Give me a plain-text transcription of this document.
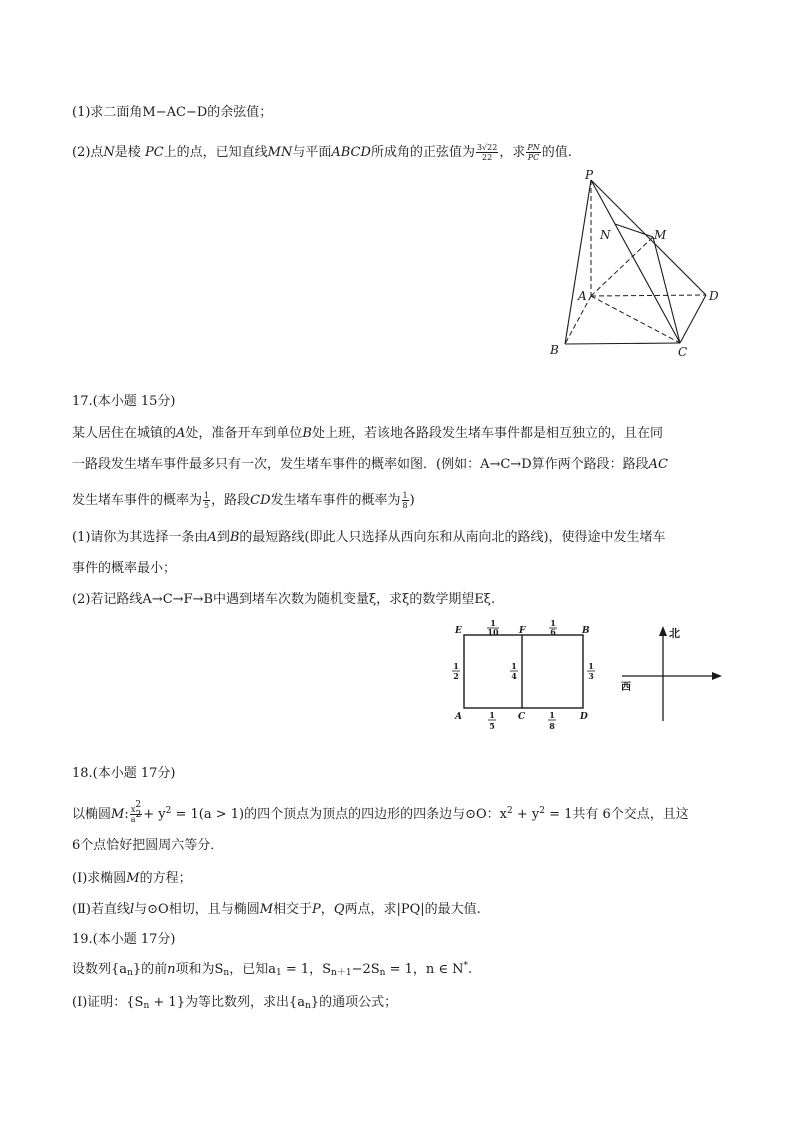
(1)求二面角M−AC−D的余弦值；
(2)点N是棱 PC上的点，已知直线MN与平面ABCD所成角的正弦值为 $\frac{3√22}{22}$ ，求 $\frac{PN}{PC}$ 的值.
P
N	M
A	D
B	C
17.(本小题 15分)
某人居住在城镇的A处，准备开车到单位B处上班，若该地各路段发生堵车事件都是相互独立的，且在同
一路段发生堵车事件最多只有一次，发生堵车事件的概率如图．(例如：A→C→D算作两个路段：路段AC
发生堵车事件的概率为 $\frac{1}{5}$ ，路段CD发生堵车事件的概率为 $\frac{1}{8}$ )
(1)请你为其选择一条由A到B的最短路线(即此人只选择从西向东和从南向北的路线)，使得途中发生堵车
事件的概率最小；
(2)若记路线A→C→F→B中遇到堵车次数为随机变量ξ，求ξ的数学期望Eξ.
E	F	B
A	C	D
1
10
1
6
1
2
1
4
1
3
1
5
1
8
北
西
18.(本小题 17分)
以椭圆M: $\frac{x^2}{a^2} + y^2 = 1(a > 1)$的四个顶点为顶点的四边形的四条边与⊙O：$x^2 + y^2 = 1$共有 6个交点，且这
6个点恰好把圆周六等分．
(Ⅰ)求椭圆M的方程；
(Ⅱ)若直线l与⊙O相切，且与椭圆M相交于P，Q两点，求|PQ|的最大值.
19.(本小题 17分)
设数列$\{a_n\}$的前n项和为$S_n$，已知$a_1 = 1$，$S_{n+1}-2S_n = 1$，n ∈ N*.
(Ⅰ)证明：$\{S_n + 1\}$为等比数列，求出$\{a_n\}$的通项公式；
